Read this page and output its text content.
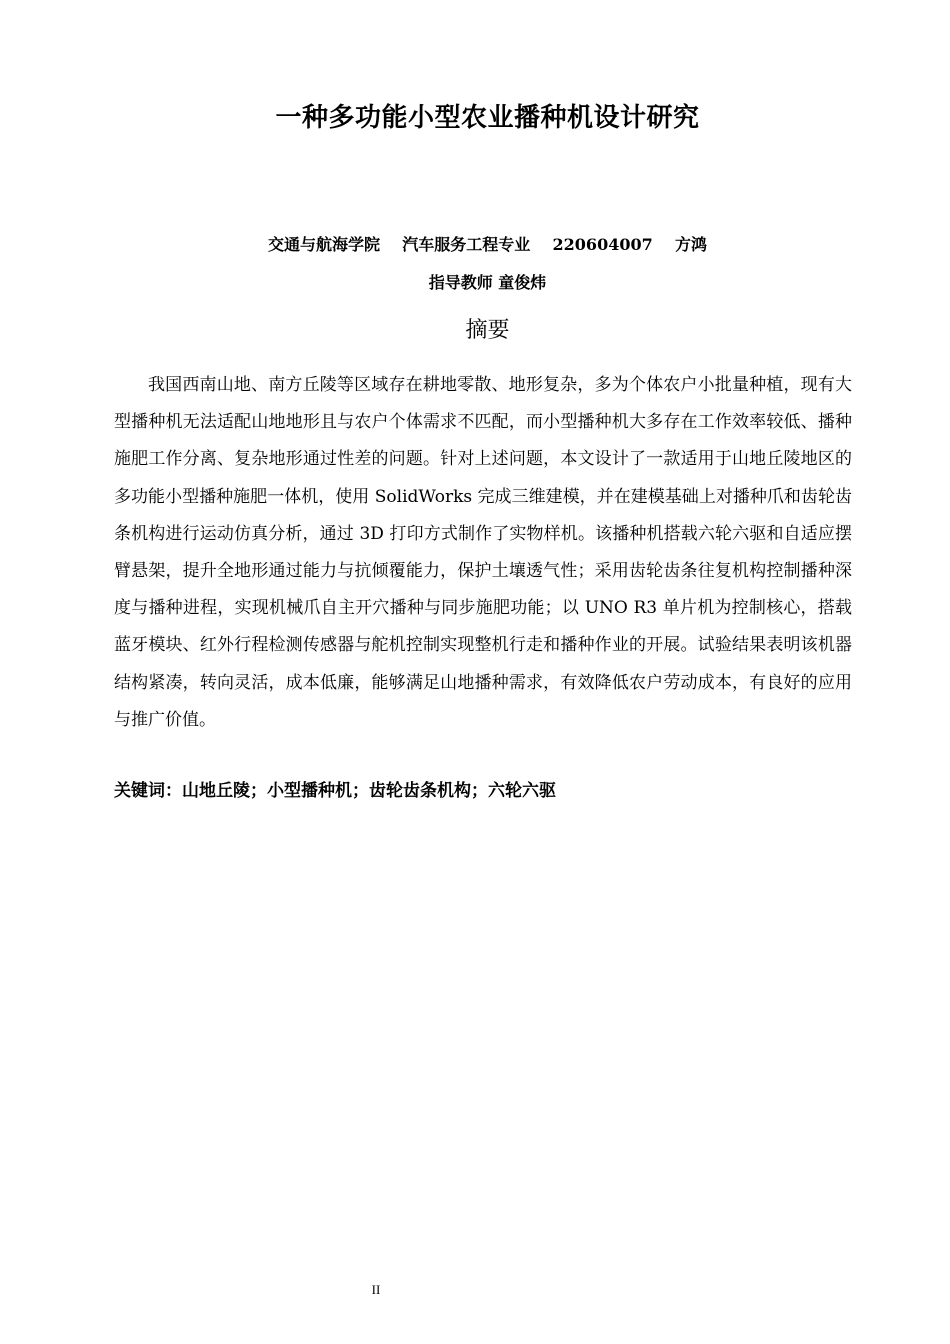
一种多功能小型农业播种机设计研究
交通与航海学院    汽车服务工程专业    220604007    方鸿
指导教师 童俊炜
摘要

我国西南山地、南方丘陵等区域存在耕地零散、地形复杂，多为个体农户小批量种植，现有大型播种机无法适配山地地形且与农户个体需求不匹配，而小型播种机大多存在工作效率较低、播种施肥工作分离、复杂地形通过性差的问题。针对上述问题，本文设计了一款适用于山地丘陵地区的多功能小型播种施肥一体机，使用 SolidWorks 完成三维建模，并在建模基础上对播种爪和齿轮齿条机构进行运动仿真分析，通过 3D 打印方式制作了实物样机。该播种机搭载六轮六驱和自适应摆臂悬架，提升全地形通过能力与抗倾覆能力，保护土壤透气性；采用齿轮齿条往复机构控制播种深度与播种进程，实现机械爪自主开穴播种与同步施肥功能；以 UNO R3 单片机为控制核心，搭载蓝牙模块、红外行程检测传感器与舵机控制实现整机行走和播种作业的开展。试验结果表明该机器结构紧凑，转向灵活，成本低廉，能够满足山地播种需求，有效降低农户劳动成本，有良好的应用与推广价值。

关键词：山地丘陵；小型播种机；齿轮齿条机构；六轮六驱
II
